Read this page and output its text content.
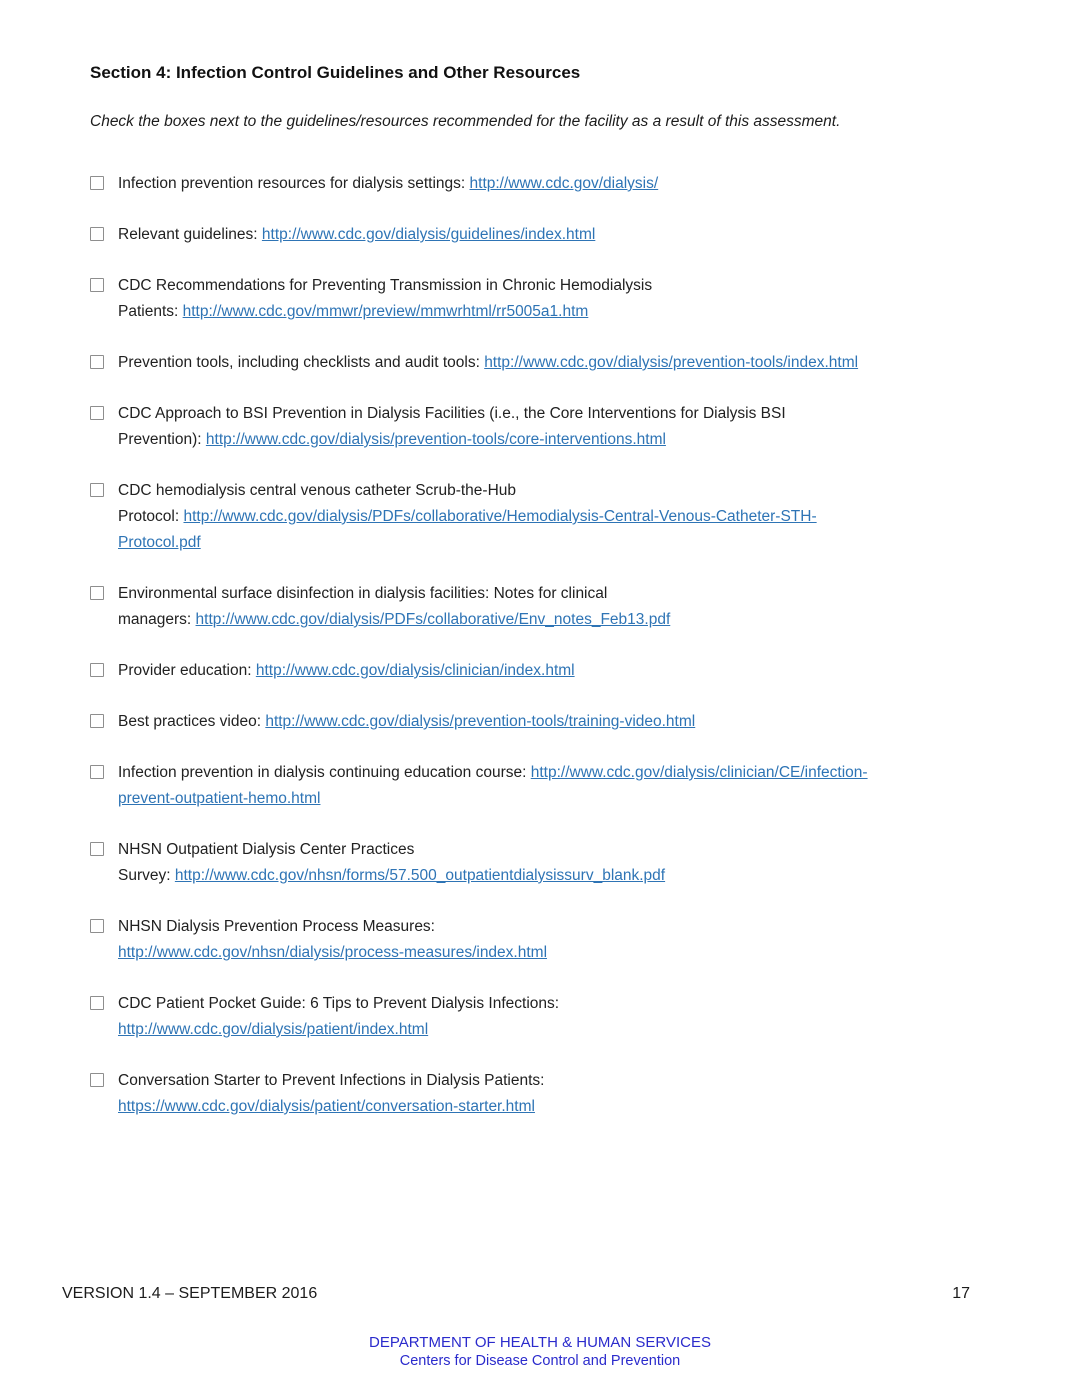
Section 4: Infection Control Guidelines and Other Resources
Check the boxes next to the guidelines/resources recommended for the facility as a result of this assessment.
Infection prevention resources for dialysis settings: http://www.cdc.gov/dialysis/
Relevant guidelines: http://www.cdc.gov/dialysis/guidelines/index.html
CDC Recommendations for Preventing Transmission in Chronic Hemodialysis
Patients: http://www.cdc.gov/mmwr/preview/mmwrhtml/rr5005a1.htm
Prevention tools, including checklists and audit tools: http://www.cdc.gov/dialysis/prevention-tools/index.html
CDC Approach to BSI Prevention in Dialysis Facilities (i.e., the Core Interventions for Dialysis BSI
Prevention): http://www.cdc.gov/dialysis/prevention-tools/core-interventions.html
CDC hemodialysis central venous catheter Scrub-the-Hub
Protocol: http://www.cdc.gov/dialysis/PDFs/collaborative/Hemodialysis-Central-Venous-Catheter-STH-
Protocol.pdf
Environmental surface disinfection in dialysis facilities: Notes for clinical
managers: http://www.cdc.gov/dialysis/PDFs/collaborative/Env_notes_Feb13.pdf
Provider education: http://www.cdc.gov/dialysis/clinician/index.html
Best practices video: http://www.cdc.gov/dialysis/prevention-tools/training-video.html
Infection prevention in dialysis continuing education course: http://www.cdc.gov/dialysis/clinician/CE/infection-
prevent-outpatient-hemo.html
NHSN Outpatient Dialysis Center Practices
Survey: http://www.cdc.gov/nhsn/forms/57.500_outpatientdialysissurv_blank.pdf
NHSN Dialysis Prevention Process Measures:
http://www.cdc.gov/nhsn/dialysis/process-measures/index.html
CDC Patient Pocket Guide: 6 Tips to Prevent Dialysis Infections:
http://www.cdc.gov/dialysis/patient/index.html
Conversation Starter to Prevent Infections in Dialysis Patients:
https://www.cdc.gov/dialysis/patient/conversation-starter.html
VERSION 1.4 – SEPTEMBER 2016	17
DEPARTMENT OF HEALTH & HUMAN SERVICES
Centers for Disease Control and Prevention
